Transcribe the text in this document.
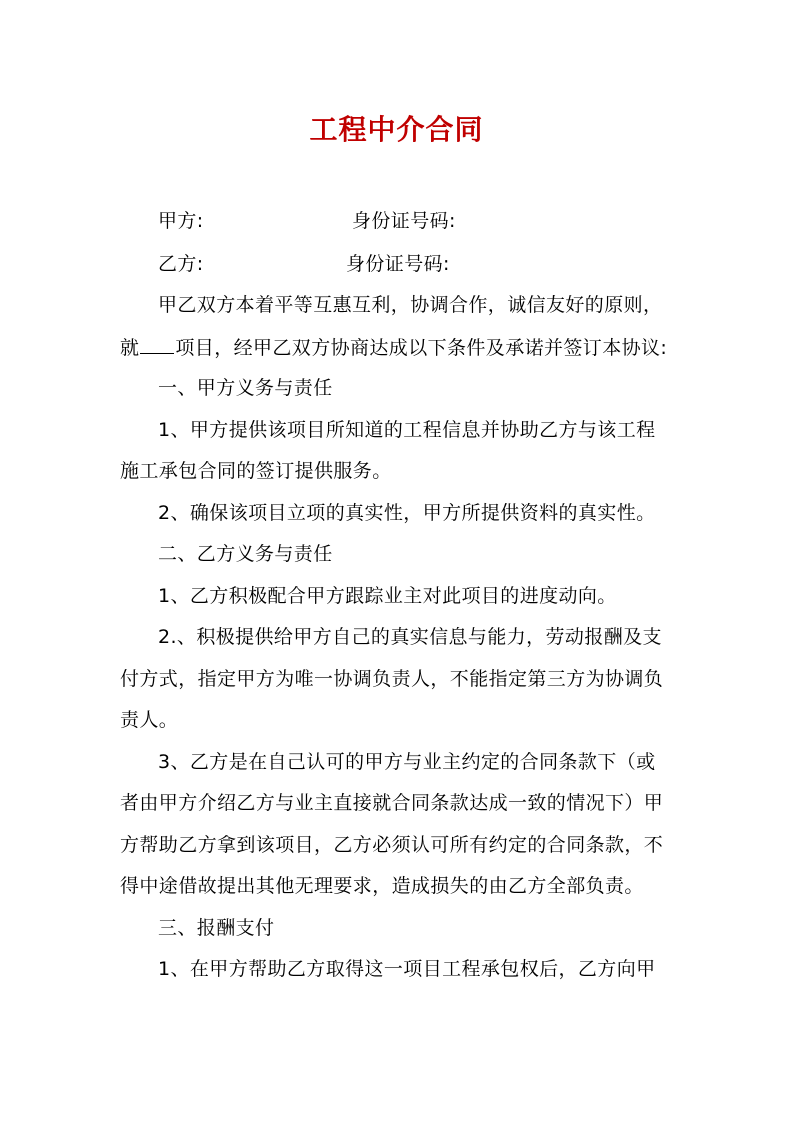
工程中介合同
甲方:	身份证号码:
乙方:	身份证号码:
甲乙双方本着平等互惠互利，协调合作，诚信友好的原则，
就 项目，经甲乙双方协商达成以下条件及承诺并签订本协议:
一、甲方义务与责任
1、甲方提供该项目所知道的工程信息并协助乙方与该工程
施工承包合同的签订提供服务。
2、确保该项目立项的真实性，甲方所提供资料的真实性。
二、乙方义务与责任
1、乙方积极配合甲方跟踪业主对此项目的进度动向。
2.、积极提供给甲方自己的真实信息与能力，劳动报酬及支
付方式，指定甲方为唯一协调负责人，不能指定第三方为协调负
责人。
3、乙方是在自己认可的甲方与业主约定的合同条款下（或
者由甲方介绍乙方与业主直接就合同条款达成一致的情况下）甲
方帮助乙方拿到该项目，乙方必须认可所有约定的合同条款，不
得中途借故提出其他无理要求，造成损失的由乙方全部负责。
三、报酬支付
1、在甲方帮助乙方取得这一项目工程承包权后，乙方向甲
